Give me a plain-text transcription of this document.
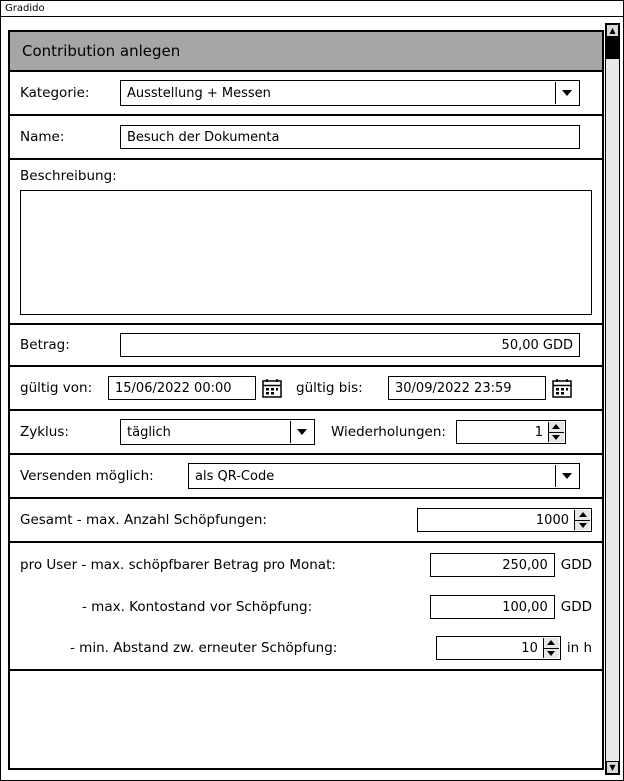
Gradido
Contribution anlegen
Kategorie:	Ausstellung + Messen
Name:	Besuch der Dokumenta
Beschreibung:
Betrag:	50,00 GDD
gültig von:	15/06/2022 00:00	gültig bis:	30/09/2022 23:59
Zyklus:	täglich	Wiederholungen:	1
Versenden möglich:	als QR-Code
Gesamt - max. Anzahl Schöpfungen:	1000
pro User - max. schöpfbarer Betrag pro Monat:	250,00 GDD
- max. Kontostand vor Schöpfung:	100,00 GDD
- min. Abstand zw. erneuter Schöpfung:	10 in h
▲
▼
